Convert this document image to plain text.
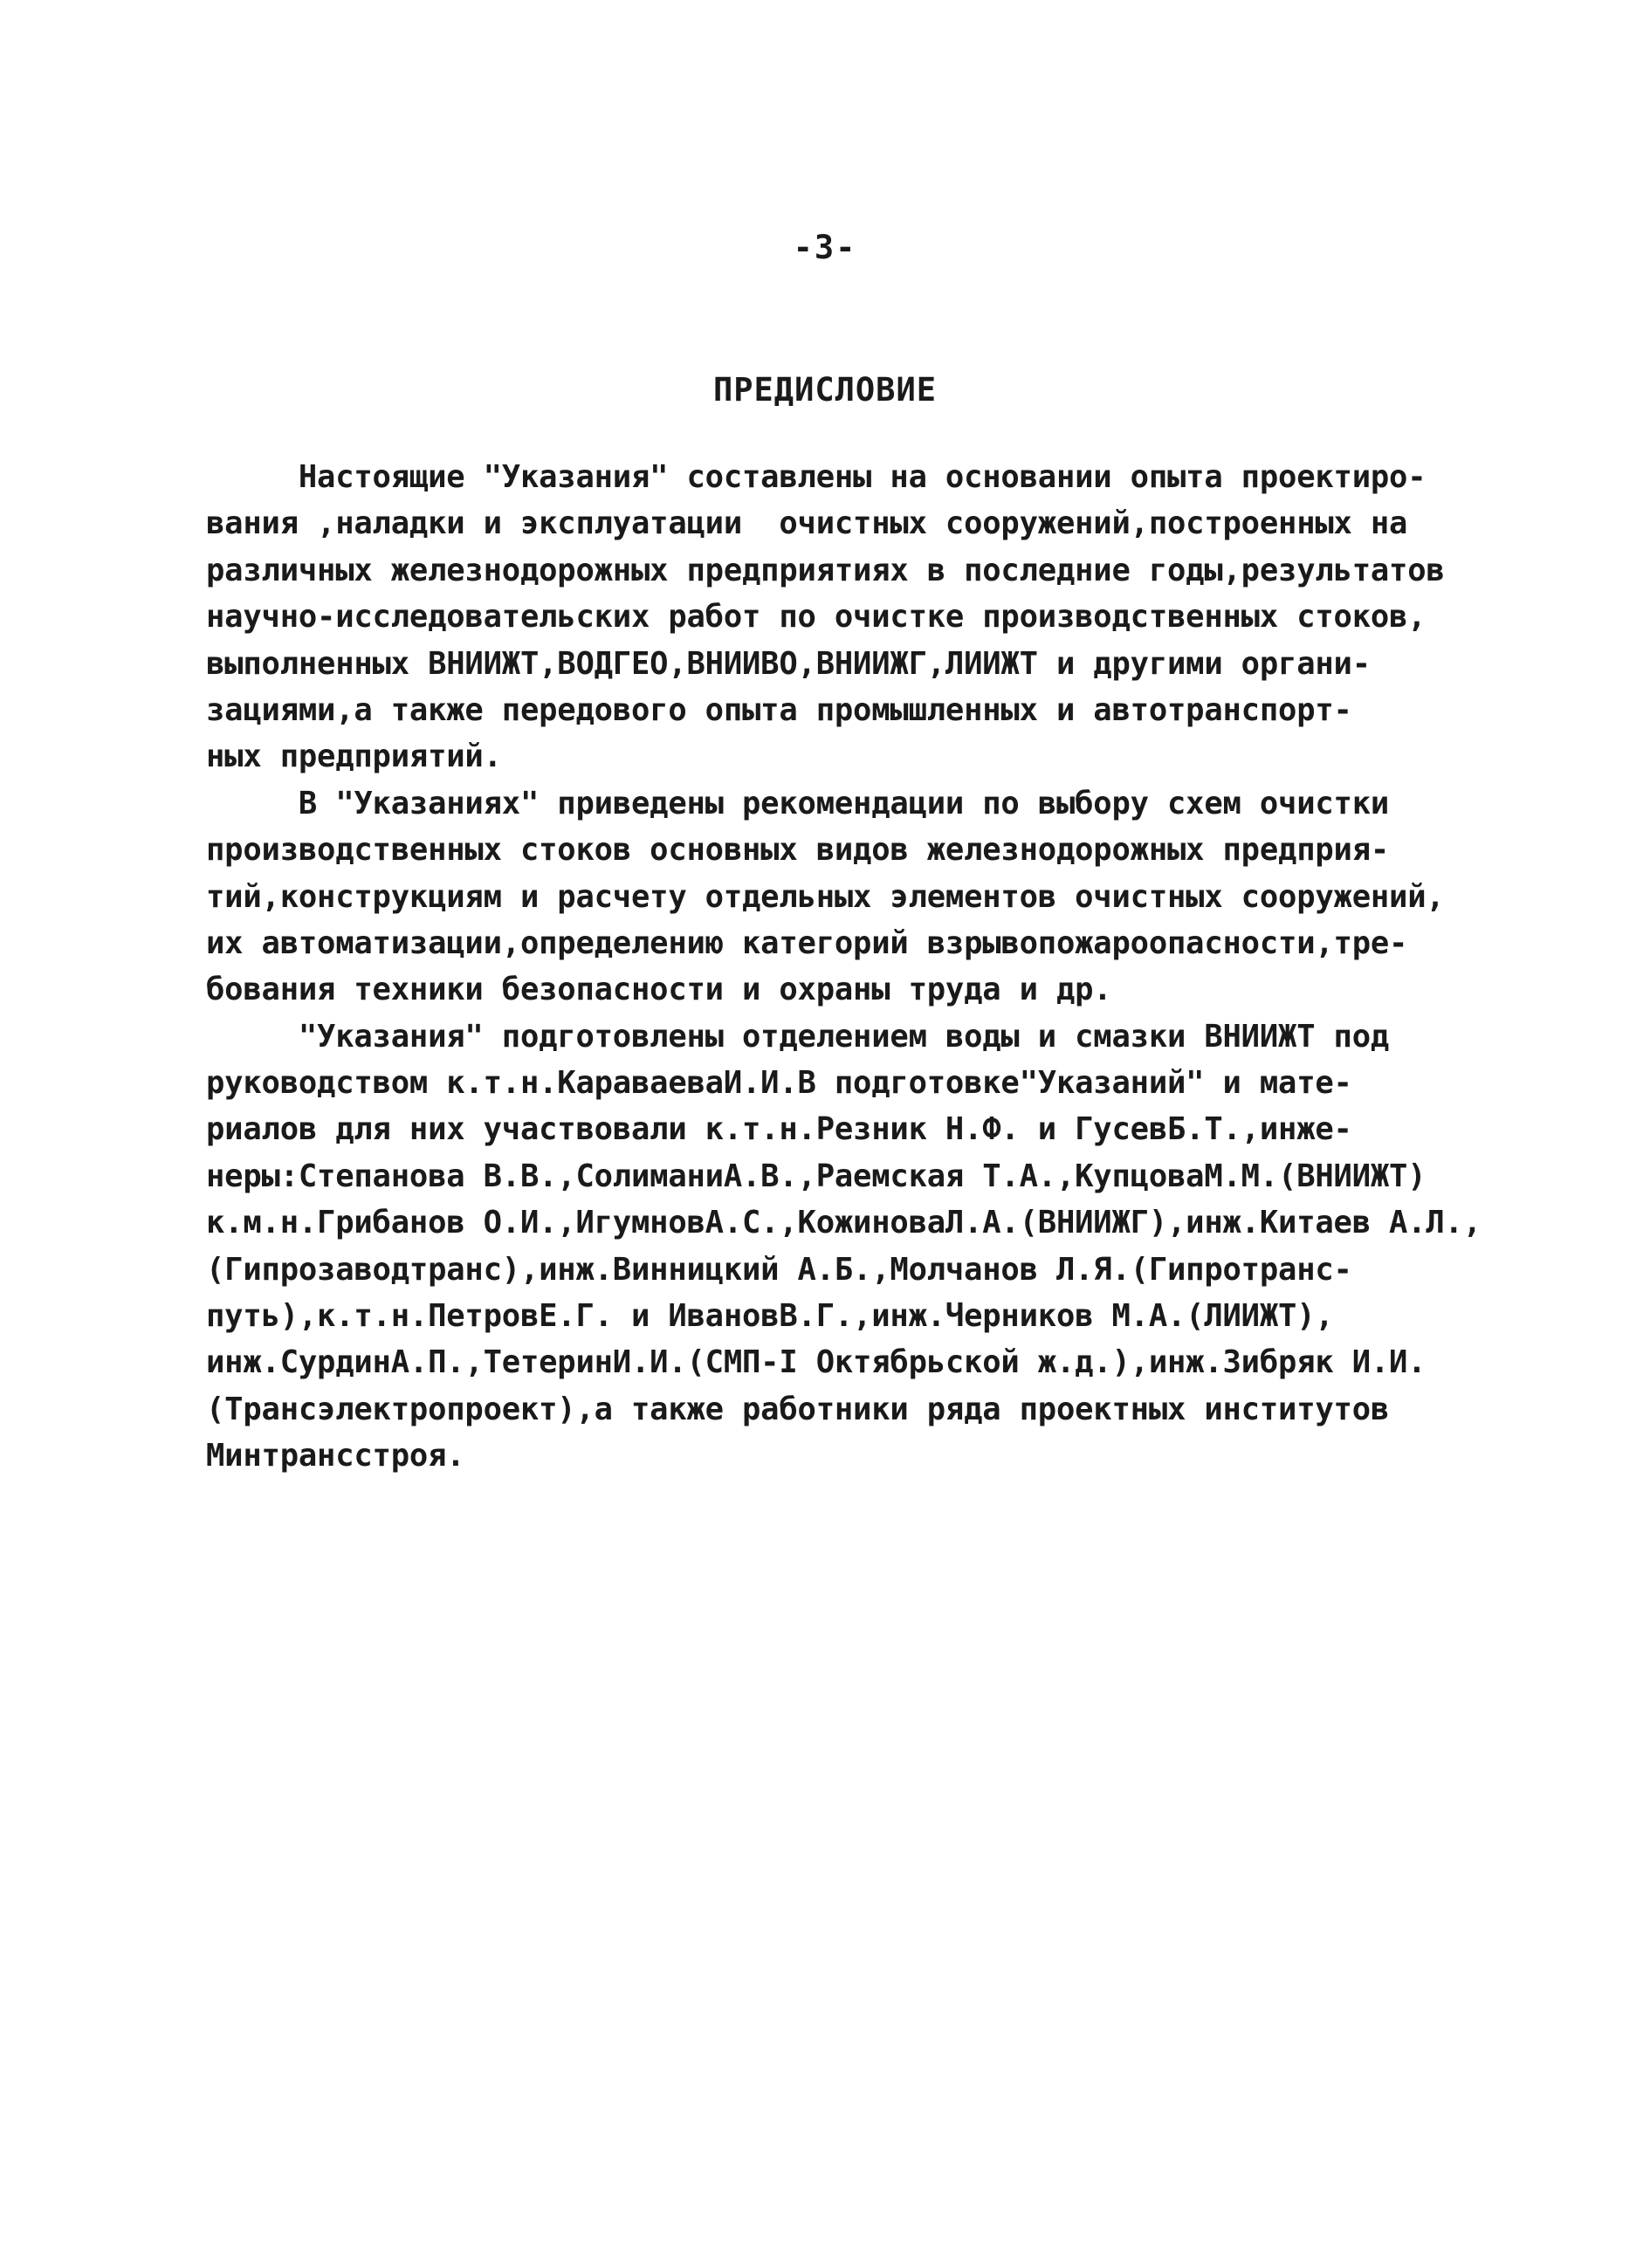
-3-
ПРЕДИСЛОВИЕ
Настоящие "Указания" составлены на основании опыта проектиро-
вания ,наладки и эксплуатации  очистных сооружений,построенных на
различных железнодорожных предприятиях в последние годы,результатов
научно-исследовательских работ по очистке производственных стоков,
выполненных ВНИИЖТ,ВОДГЕО,ВНИИВО,ВНИИЖГ,ЛИИЖТ и другими органи-
зациями,а также передового опыта промышленных и автотранспорт-
ных предприятий.
В "Указаниях" приведены рекомендации по выбору схем очистки
производственных стоков основных видов железнодорожных предприя-
тий,конструкциям и расчету отдельных элементов очистных сооружений,
их автоматизации,определению категорий взрывопожароопасности,тре-
бования техники безопасности и охраны труда и др.
"Указания" подготовлены отделением воды и смазки ВНИИЖТ под
руководством к.т.н.КараваеваИ.И.В подготовке"Указаний" и мате-
риалов для них участвовали к.т.н.Резник Н.Ф. и ГусевБ.Т.,инже-
неры:Степанова В.В.,СолиманиА.В.,Раемская Т.А.,КупцоваМ.М.(ВНИИЖТ)
к.м.н.Грибанов О.И.,ИгумновА.С.,КожиноваЛ.А.(ВНИИЖГ),инж.Китаев А.Л.,
(Гипрозаводтранс),инж.Винницкий А.Б.,Молчанов Л.Я.(Гипротранс-
путь),к.т.н.ПетровЕ.Г. и ИвановВ.Г.,инж.Черников М.А.(ЛИИЖТ),
инж.СурдинА.П.,ТетеринИ.И.(СМП-I Октябрьской ж.д.),инж.Зибряк И.И.
(Трансэлектропроект),а также работники ряда проектных институтов
Минтрансстроя.
